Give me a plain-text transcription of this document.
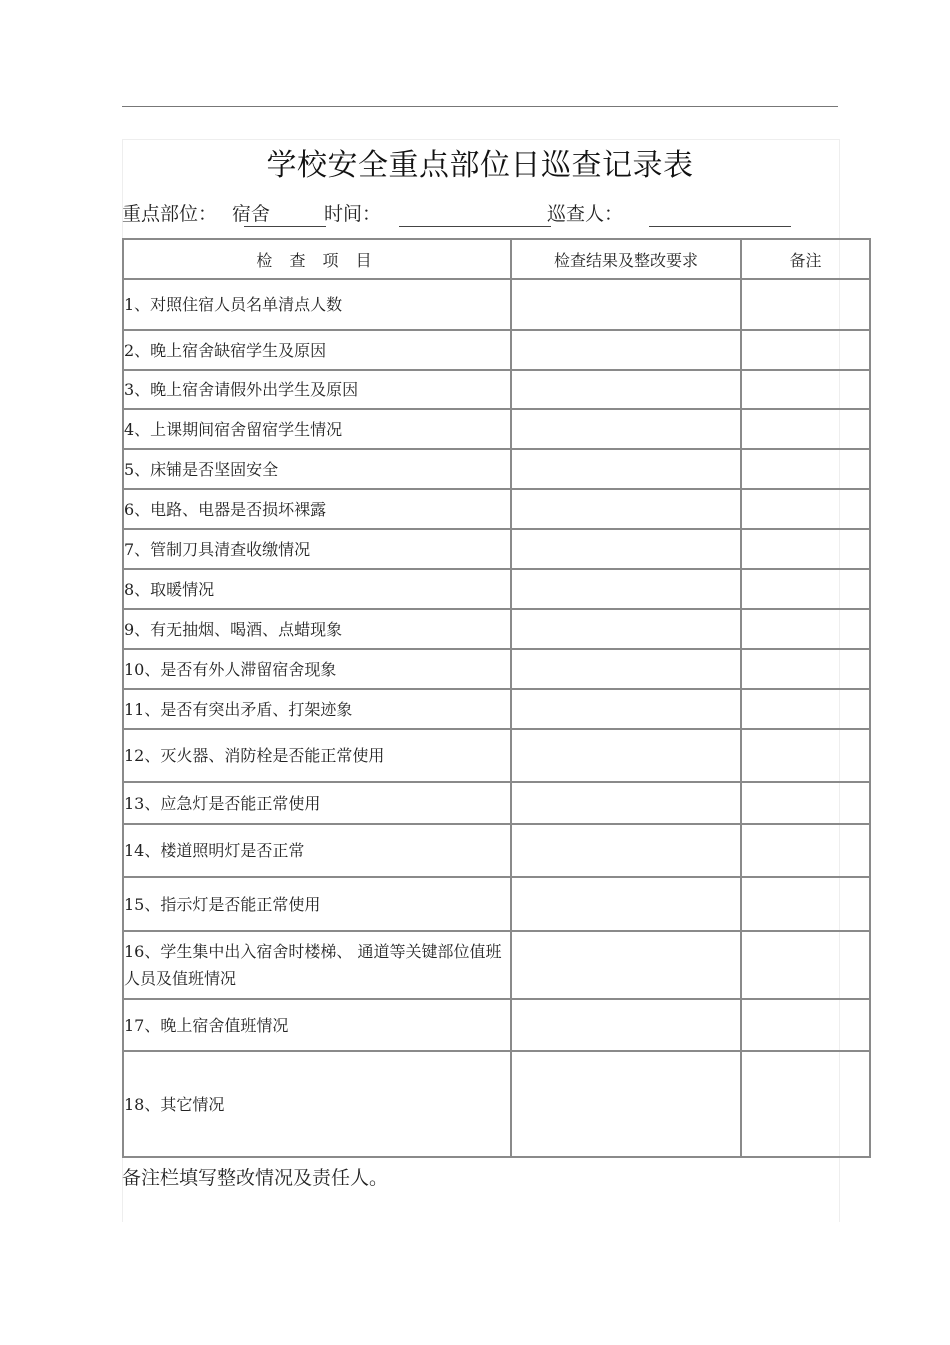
学校安全重点部位日巡查记录表
重点部位： 宿舍	时间：	巡查人：
检 查 项 目	检查结果及整改要求	备注
1、对照住宿人员名单清点人数		
2、晚上宿舍缺宿学生及原因		
3、晚上宿舍请假外出学生及原因		
4、上课期间宿舍留宿学生情况		
5、床铺是否坚固安全		
6、电路、电器是否损坏裸露		
7、管制刀具清查收缴情况		
8、取暖情况		
9、有无抽烟、喝酒、点蜡现象		
10、是否有外人滞留宿舍现象		
11、是否有突出矛盾、打架迹象		
12、灭火器、消防栓是否能正常使用		
13、应急灯是否能正常使用		
14、楼道照明灯是否正常		
15、指示灯是否能正常使用		
16、学生集中出入宿舍时楼梯、 通道等关键部位值班人员及值班情况		
17、晚上宿舍值班情况		
18、其它情况		
备注栏填写整改情况及责任人。
